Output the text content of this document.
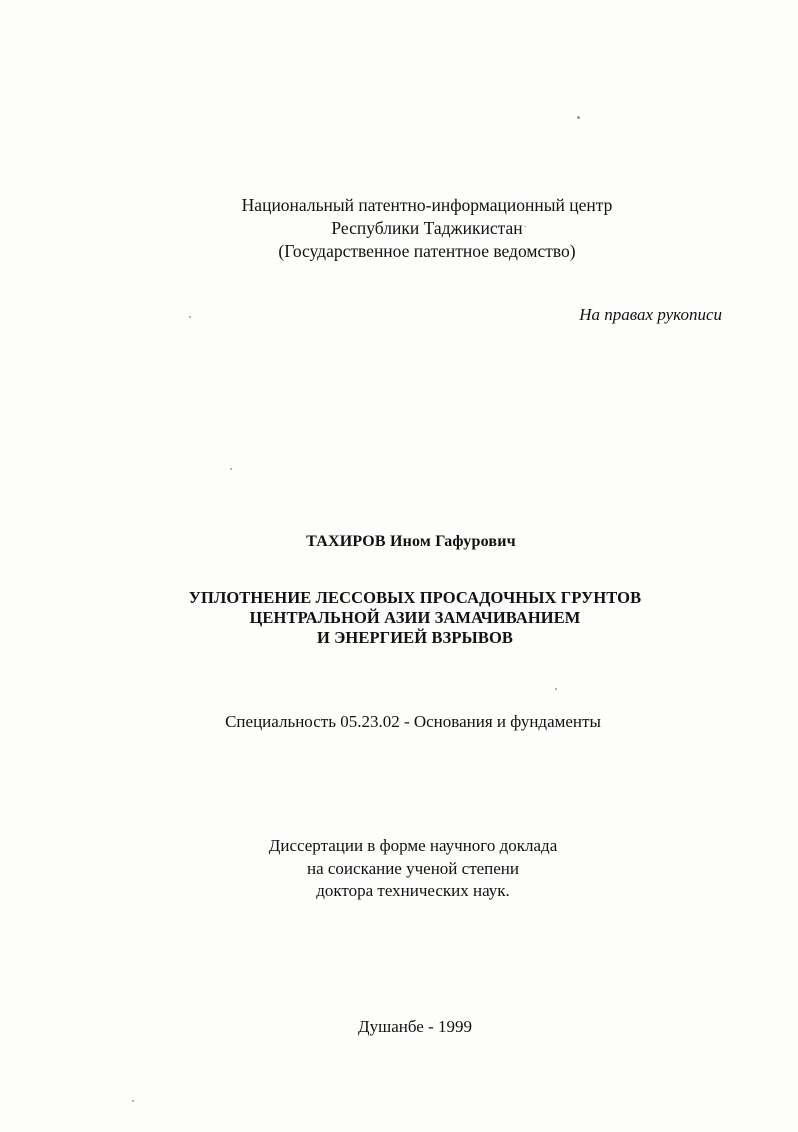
Национальный патентно-информационный центр
Республики Таджикистан
(Государственное патентное ведомство)
На правах рукописи
ТАХИРОВ Ином Гафурович
УПЛОТНЕНИЕ ЛЕССОВЫХ ПРОСАДОЧНЫХ ГРУНТОВ
ЦЕНТРАЛЬНОЙ АЗИИ ЗАМАЧИВАНИЕМ
И ЭНЕРГИЕЙ ВЗРЫВОВ
Специальность 05.23.02 - Основания и фундаменты
Диссертации в форме научного доклада
на соискание ученой степени
доктора технических наук.
Душанбе - 1999
